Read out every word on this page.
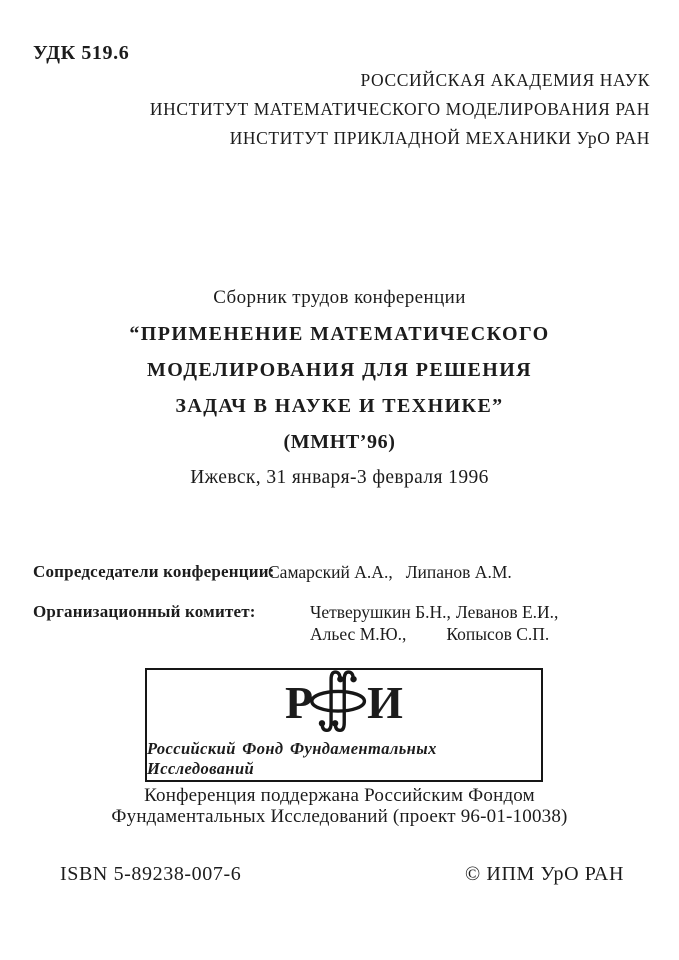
УДК 519.6
РОССИЙСКАЯ АКАДЕМИЯ НАУК
ИНСТИТУТ МАТЕМАТИЧЕСКОГО МОДЕЛИРОВАНИЯ РАН
ИНСТИТУТ ПРИКЛАДНОЙ МЕХАНИКИ УрО РАН
Сборник трудов конференции
“ПРИМЕНЕНИЕ МАТЕМАТИЧЕСКОГО
МОДЕЛИРОВАНИЯ ДЛЯ РЕШЕНИЯ
ЗАДАЧ В НАУКЕ И ТЕХНИКЕ”
(ММНТ’96)
Ижевск, 31 января-3 февраля 1996
Сопредседатели конференции:
Самарский А.А., Липанов А.М.
Организационный комитет:	Четверушкин Б.Н., Леванов Е.И.,
Альес М.Ю., Копысов С.П.
Р И
Российский Фонд Фундаментальных Исследований
Конференция поддержана Российским Фондом
Фундаментальных Исследований (проект 96-01-10038)
ISBN 5-89238-007-6	© ИПМ УрО РАН
